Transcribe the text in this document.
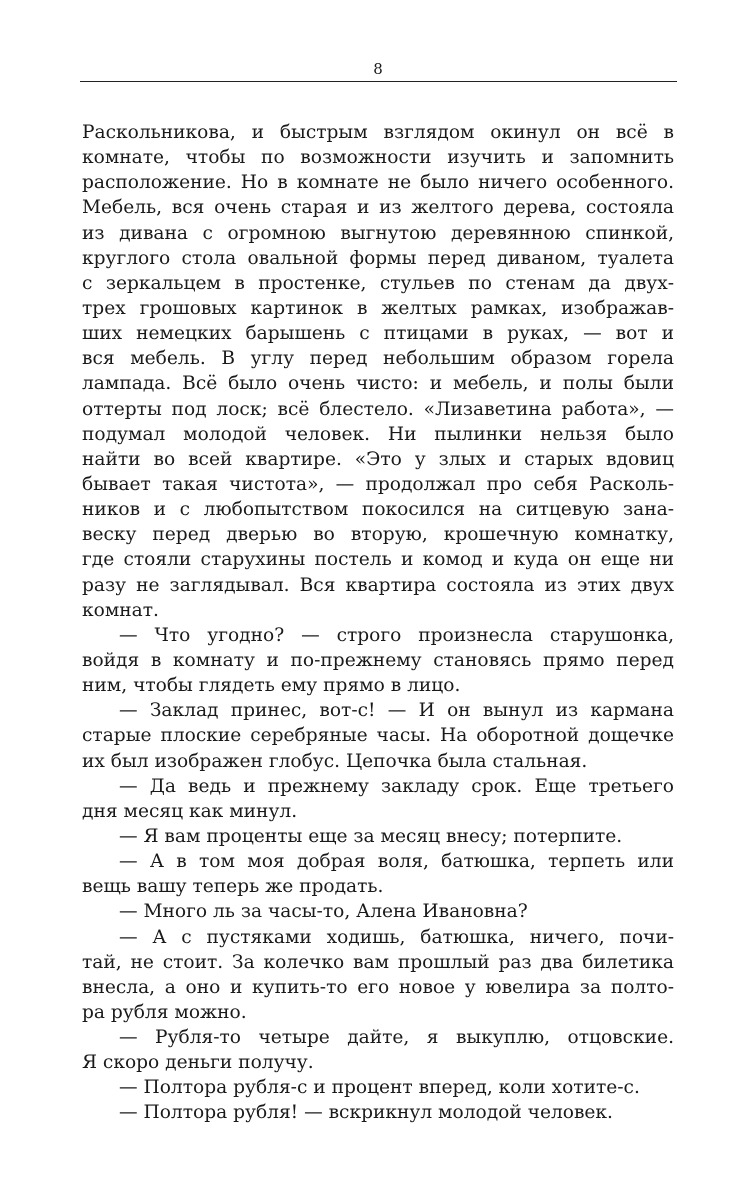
8
Раскольникова, и быстрым взглядом окинул он всё в
комнате, чтобы по возможности изучить и запомнить
расположение. Но в комнате не было ничего особенного.
Мебель, вся очень старая и из желтого дерева, состояла
из дивана с огромною выгнутою деревянною спинкой,
круглого стола овальной формы перед диваном, туалета
с зеркальцем в простенке, стульев по стенам да двух-
трех грошовых картинок в желтых рамках, изображав-
ших немецких барышень с птицами в руках, — вот и
вся мебель. В углу перед небольшим образом горела
лампада. Всё было очень чисто: и мебель, и полы были
оттерты под лоск; всё блестело. «Лизаветина работа», —
подумал молодой человек. Ни пылинки нельзя было
найти во всей квартире. «Это у злых и старых вдовиц
бывает такая чистота», — продолжал про себя Расколь-
ников и с любопытством покосился на ситцевую зана-
веску перед дверью во вторую, крошечную комнатку,
где стояли старухины постель и комод и куда он еще ни
разу не заглядывал. Вся квартира состояла из этих двух
комнат.
— Что угодно? — строго произнесла старушонка,
войдя в комнату и по-прежнему становясь прямо перед
ним, чтобы глядеть ему прямо в лицо.
— Заклад принес, вот-с! — И он вынул из кармана
старые плоские серебряные часы. На оборотной дощечке
их был изображен глобус. Цепочка была стальная.
— Да ведь и прежнему закладу срок. Еще третьего
дня месяц как минул.
— Я вам проценты еще за месяц внесу; потерпите.
— А в том моя добрая воля, батюшка, терпеть или
вещь вашу теперь же продать.
— Много ль за часы-то, Алена Ивановна?
— А с пустяками ходишь, батюшка, ничего, почи-
тай, не стоит. За колечко вам прошлый раз два билетика
внесла, а оно и купить-то его новое у ювелира за полто-
ра рубля можно.
— Рубля-то четыре дайте, я выкуплю, отцовские.
Я скоро деньги получу.
— Полтора рубля-с и процент вперед, коли хотите-с.
— Полтора рубля! — вскрикнул молодой человек.
